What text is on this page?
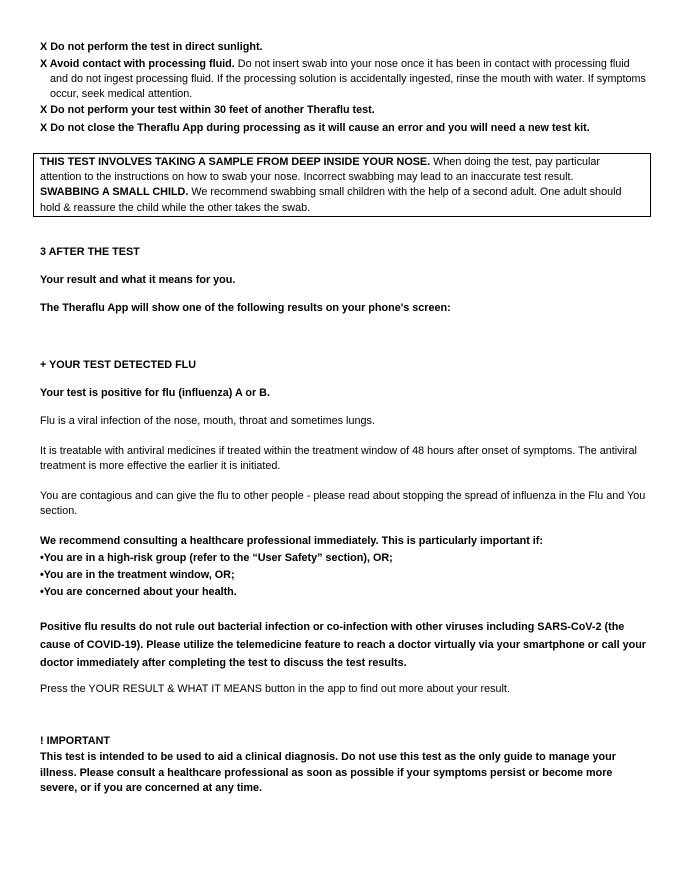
X Do not perform the test in direct sunlight.

X Avoid contact with processing fluid. Do not insert swab into your nose once it has been in contact with processing fluid and do not ingest processing fluid. If the processing solution is accidentally ingested, rinse the mouth with water. If symptoms occur, seek medical attention.

X Do not perform your test within 30 feet of another Theraflu test.

X Do not close the Theraflu App during processing as it will cause an error and you will need a new test kit.

THIS TEST INVOLVES TAKING A SAMPLE FROM DEEP INSIDE YOUR NOSE. When doing the test, pay particular attention to the instructions on how to swab your nose. Incorrect swabbing may lead to an inaccurate test result.

SWABBING A SMALL CHILD. We recommend swabbing small children with the help of a second adult. One adult should hold & reassure the child while the other takes the swab.

3 AFTER THE TEST
Your result and what it means for you.
The Theraflu App will show one of the following results on your phone's screen:
+ YOUR TEST DETECTED FLU
Your test is positive for flu (influenza) A or B.
Flu is a viral infection of the nose, mouth, throat and sometimes lungs.
It is treatable with antiviral medicines if treated within the treatment window of 48 hours after onset of symptoms. The antiviral treatment is more effective the earlier it is initiated.
You are contagious and can give the flu to other people - please read about stopping the spread of influenza in the Flu and You section.

We recommend consulting a healthcare professional immediately. This is particularly important if:

•You are in a high-risk group (refer to the “User Safety” section), OR;

•You are in the treatment window, OR;

•You are concerned about your health.

Positive flu results do not rule out bacterial infection or co-infection with other viruses including SARS-CoV-2 (the cause of COVID-19). Please utilize the telemedicine feature to reach a doctor virtually via your smartphone or call your doctor immediately after completing the test to discuss the test results.
Press the YOUR RESULT & WHAT IT MEANS button in the app to find out more about your result.
! IMPORTANT
This test is intended to be used to aid a clinical diagnosis. Do not use this test as the only guide to manage your illness. Please consult a healthcare professional as soon as possible if your symptoms persist or become more severe, or if you are concerned at any time.
